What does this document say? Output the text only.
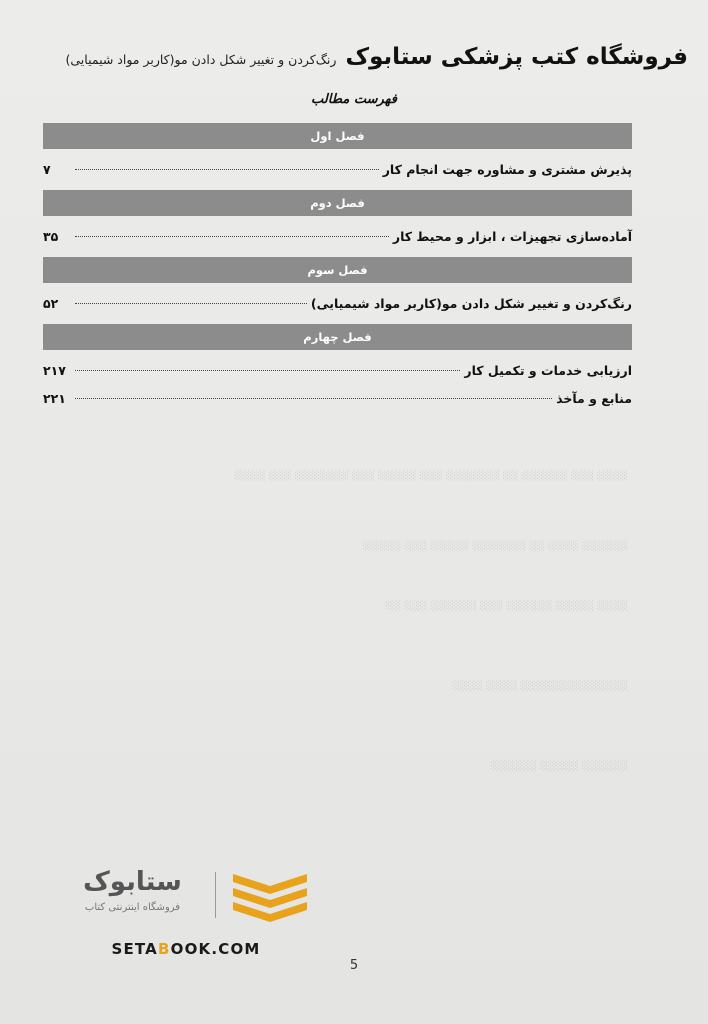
░░░░ ░░░ ░░░░░░ ░░ ░░░░░░░ ░░░ ░░░░░ ░░░ ░░░░░░░ ░░░ ░░░░
░░░░░░ ░░░░ ░░ ░░░░░░░ ░░░░░ ░░░ ░░░░░
░░░░ ░░░░░ ░░░░░░ ░░░ ░░░░░░ ░░░ ░░
░░░░░░░░░░░░░░ ░░░░ ░░░░
░░░░░░ ░░░░░ ░░░░░░
فروشگاه کتب پزشکی ستابوک رنگ‌کردن و تغییر شکل دادن مو(کاربر مواد شیمیایی)
فهرست مطالب
فصل اول
پذیرش مشتری و مشاوره جهت انجام کار
۷
فصل دوم
آماده‌سازی تجهیزات ، ابزار و محیط کار
۳۵
فصل سوم
رنگ‌کردن و تغییر شکل دادن مو(کاربر مواد شیمیایی)
۵۲
فصل چهارم
ارزیابی خدمات و تکمیل کار
۲۱۷
منابع و مآخذ
۲۲۱
ستابوک
فروشگاه اینترنتی کتاب
SETABOOK.COM
5
